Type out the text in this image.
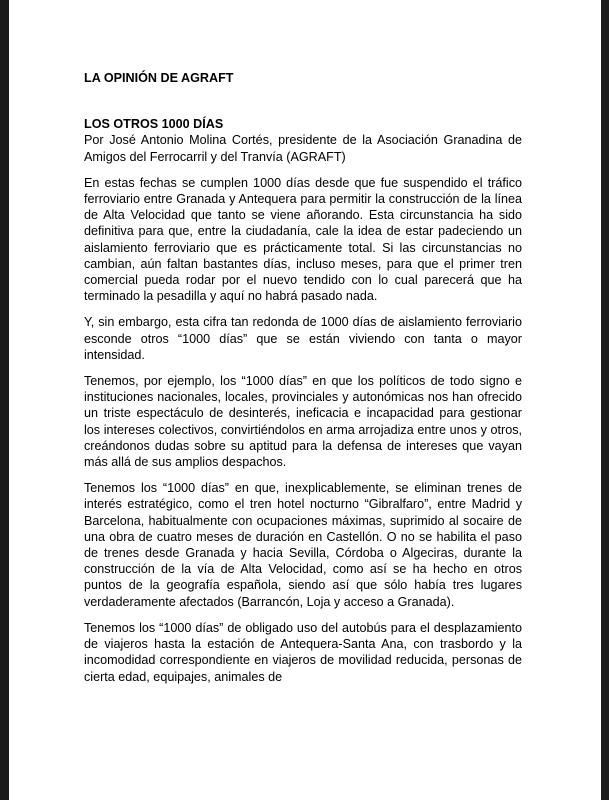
LA OPINIÓN DE AGRAFT

LOS OTROS 1000 DÍAS

Por José Antonio Molina Cortés, presidente de la Asociación Granadina de Amigos del Ferrocarril y del Tranvía (AGRAFT)

En estas fechas se cumplen 1000 días desde que fue suspendido el tráfico ferroviario entre Granada y Antequera para permitir la construcción de la línea de Alta Velocidad que tanto se viene añorando. Esta circunstancia ha sido definitiva para que, entre la ciudadanía, cale la idea de estar padeciendo un aislamiento ferroviario que es prácticamente total. Si las circunstancias no cambian, aún faltan bastantes días, incluso meses, para que el primer tren comercial pueda rodar por el nuevo tendido con lo cual parecerá que ha terminado la pesadilla y aquí no habrá pasado nada.

Y, sin embargo, esta cifra tan redonda de 1000 días de aislamiento ferroviario esconde otros “1000 días” que se están viviendo con tanta o mayor intensidad.

Tenemos, por ejemplo, los “1000 días” en que los políticos de todo signo e instituciones nacionales, locales, provinciales y autonómicas nos han ofrecido un triste espectáculo de desinterés, ineficacia e incapacidad para gestionar los intereses colectivos, convirtiéndolos en arma arrojadiza entre unos y otros, creándonos dudas sobre su aptitud para la defensa de intereses que vayan más allá de sus amplios despachos.

Tenemos los “1000 días” en que, inexplicablemente, se eliminan trenes de interés estratégico, como el tren hotel nocturno “Gibralfaro”, entre Madrid y Barcelona, habitualmente con ocupaciones máximas, suprimido al socaire de una obra de cuatro meses de duración en Castellón. O no se habilita el paso de trenes desde Granada y hacia Sevilla, Córdoba o Algeciras, durante la construcción de la vía de Alta Velocidad, como así se ha hecho en otros puntos de la geografía española, siendo así que sólo había tres lugares verdaderamente afectados (Barrancón, Loja y acceso a Granada).

Tenemos los “1000 días” de obligado uso del autobús para el desplazamiento de viajeros hasta la estación de Antequera-Santa Ana, con trasbordo y la incomodidad correspondiente en viajeros de movilidad reducida, personas de cierta edad, equipajes, animales de
